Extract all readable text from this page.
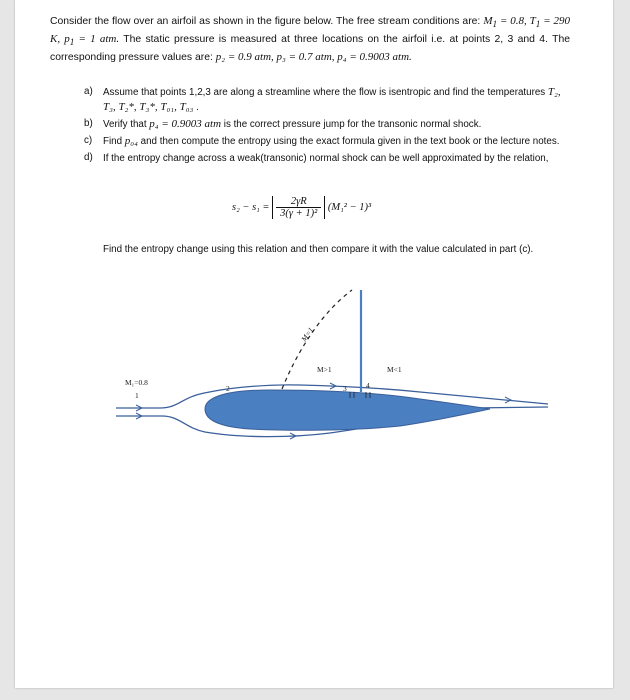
Consider the flow over an airfoil as shown in the figure below. The free stream conditions are: $M_1 = 0.8$, $T_1 = 290$ K, $p_1 = 1$ atm. The static pressure is measured at three locations on the airfoil i.e. at points 2, 3 and 4. The corresponding pressure values are: p₂ = 0.9 atm, p₃ = 0.7 atm, p₄ = 0.9003 atm.
a) Assume that points 1,2,3 are along a streamline where the flow is isentropic and find the temperatures T₂, T₃, T₂*, T₃*, T₀₁, T₀₃ .
b) Verify that p₄ = 0.9003 atm is the correct pressure jump for the transonic normal shock.
c) Find p₀₄ and then compute the entropy using the exact formula given in the text book or the lecture notes.
d) If the entropy change across a weak(transonic) normal shock can be well approximated by the relation,
$s_2 - s_1 = \frac{2\gamma R}{\text{3(γ + 1)²}} (M_1^2 - 1)^3$
Find the entropy change using this relation and then compare it with the value calculated in part (c).
M₁=0.8
1
2	3	4
M>1	M<1
M=1
